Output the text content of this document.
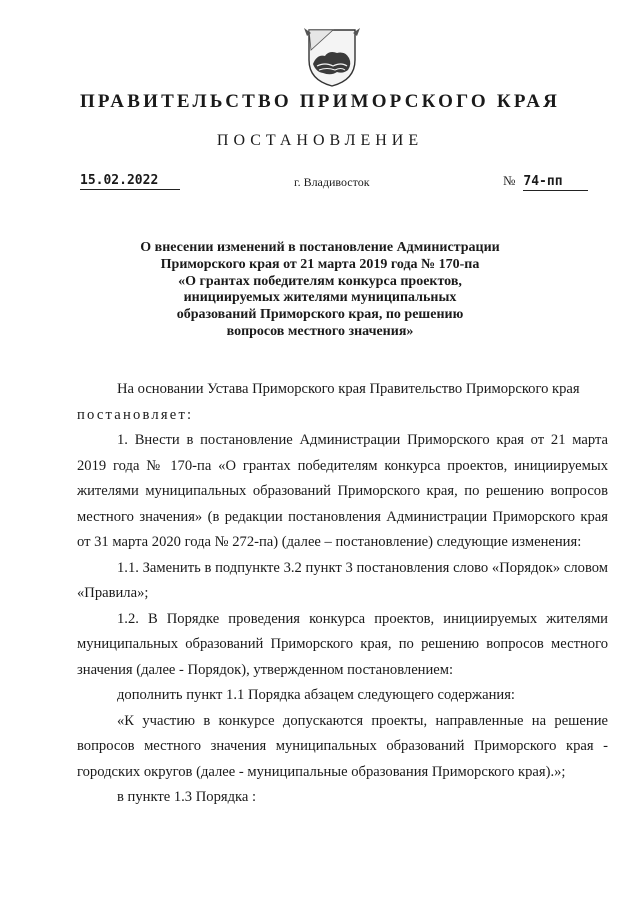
ПРАВИТЕЛЬСТВО ПРИМОРСКОГО КРАЯ
ПОСТАНОВЛЕНИЕ
15.02.2022	г. Владивосток	№ 74-пп
О внесении изменений в постановление Администрации
Приморского края от 21 марта 2019 года № 170-па
«О грантах победителям конкурса проектов,
инициируемых жителями муниципальных
образований Приморского края, по решению
вопросов местного значения»

На основании Устава Приморского края Правительство Приморского края

постановляет:

1. Внести в постановление Администрации Приморского края от 21 марта 2019 года № 170-па «О грантах победителям конкурса проектов, инициируемых жителями муниципальных образований Приморского края, по решению вопросов местного значения» (в редакции постановления Администрации Приморского края от 31 марта 2020 года № 272-па) (далее – постановление) следующие изменения:

1.1. Заменить в подпункте 3.2 пункт 3 постановления слово «Порядок» словом «Правила»;

1.2. В Порядке проведения конкурса проектов, инициируемых жителями муниципальных образований Приморского края, по решению вопросов местного значения (далее - Порядок), утвержденном постановлением:

дополнить пункт 1.1 Порядка абзацем следующего содержания:

«К участию в конкурсе допускаются проекты, направленные на решение вопросов местного значения муниципальных образований Приморского края - городских округов (далее - муниципальные образования Приморского края).»;

в пункте 1.3 Порядка :
